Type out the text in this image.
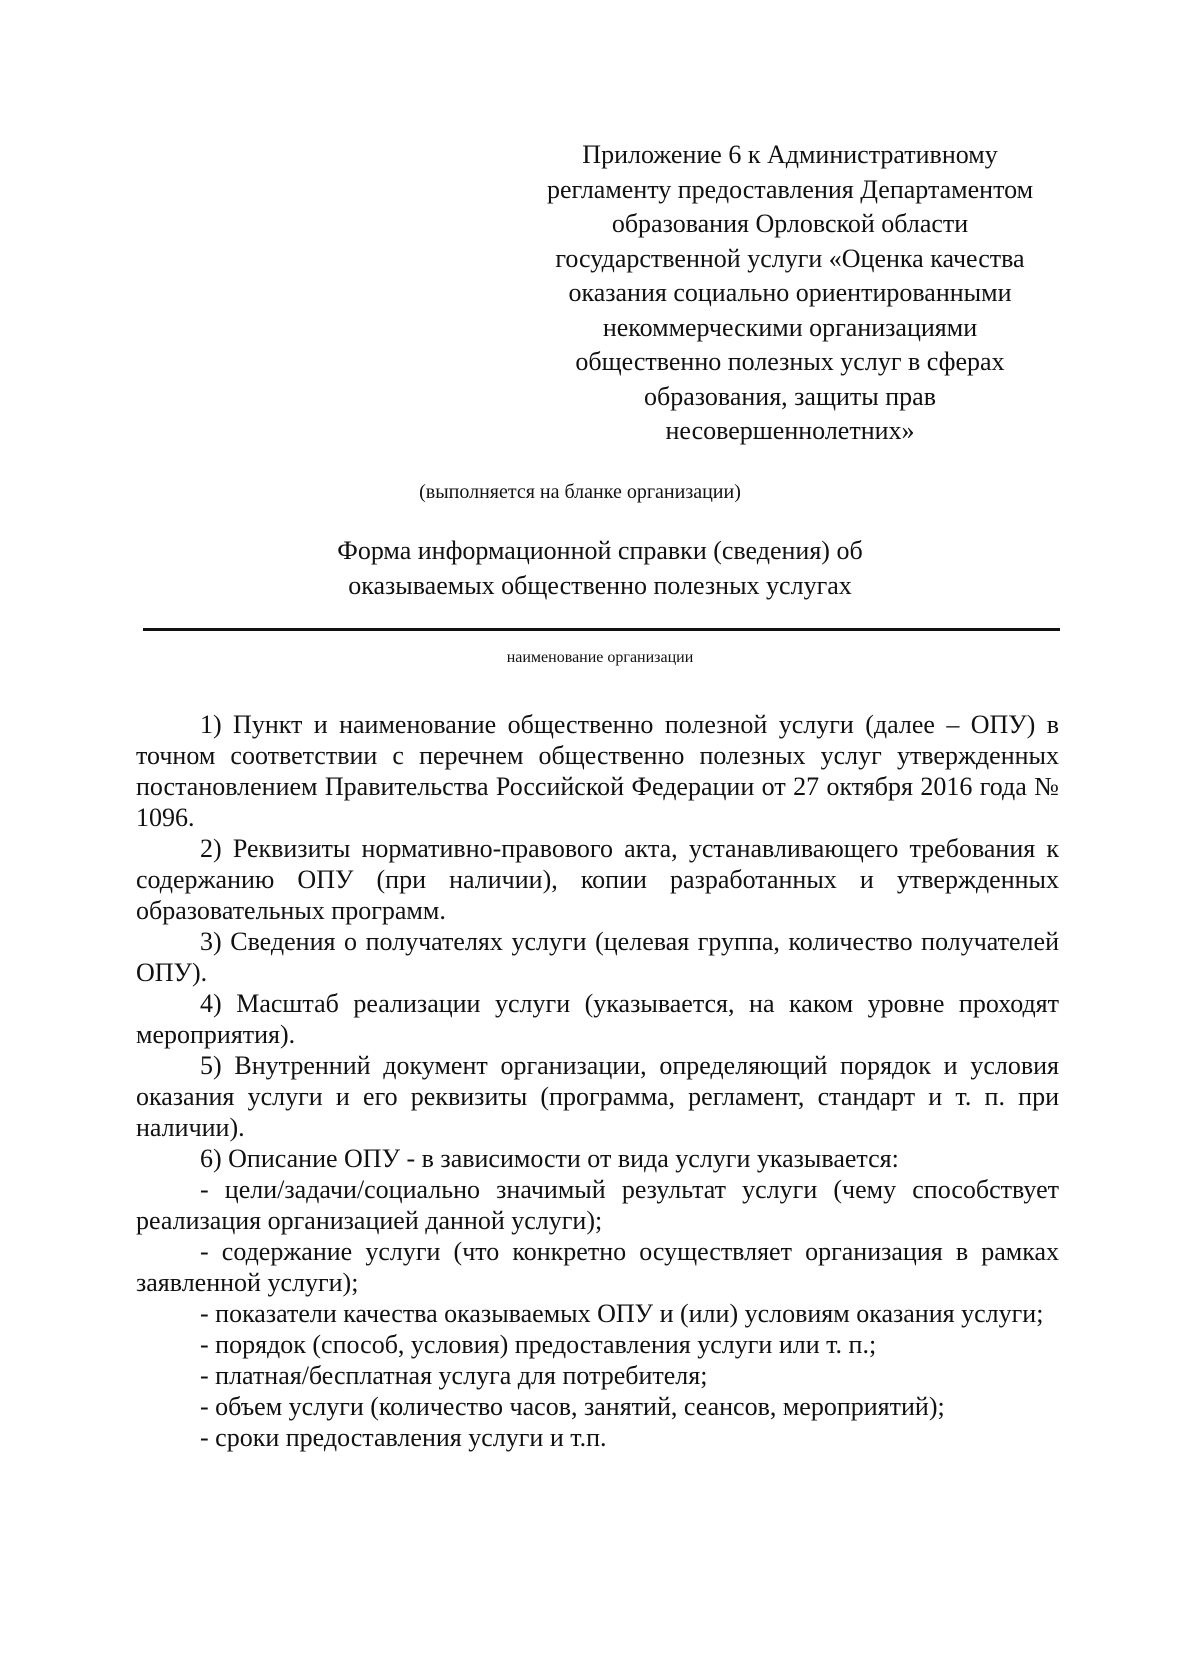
Приложение 6 к Административному
регламенту предоставления Департаментом
образования Орловской области
государственной услуги «Оценка качества
оказания социально ориентированными
некоммерческими организациями
общественно полезных услуг в сферах
образования, защиты прав
несовершеннолетних»

(выполняется на бланке организации)

Форма информационной справки (сведения) об
оказываемых общественно полезных услугах

наименование организации

1) Пункт и наименование общественно полезной услуги (далее – ОПУ) в точном соответствии с перечнем общественно полезных услуг утвержденных постановлением Правительства Российской Федерации от 27 октября 2016 года № 1096.

2) Реквизиты нормативно-правового акта, устанавливающего требования к содержанию ОПУ (при наличии), копии разработанных и утвержденных образовательных программ.

3) Сведения о получателях услуги (целевая группа, количество получателей ОПУ).

4) Масштаб реализации услуги (указывается, на каком уровне проходят мероприятия).

5) Внутренний документ организации, определяющий порядок и условия оказания услуги и его реквизиты (программа, регламент, стандарт и т. п. при наличии).

6) Описание ОПУ - в зависимости от вида услуги указывается:

- цели/задачи/социально значимый результат услуги (чему способствует реализация организацией данной услуги);

- содержание услуги (что конкретно осуществляет организация в рамках заявленной услуги);

- показатели качества оказываемых ОПУ и (или) условиям оказания услуги;

- порядок (способ, условия) предоставления услуги или т. п.;

- платная/бесплатная услуга для потребителя;

- объем услуги (количество часов, занятий, сеансов, мероприятий);

- сроки предоставления услуги и т.п.
